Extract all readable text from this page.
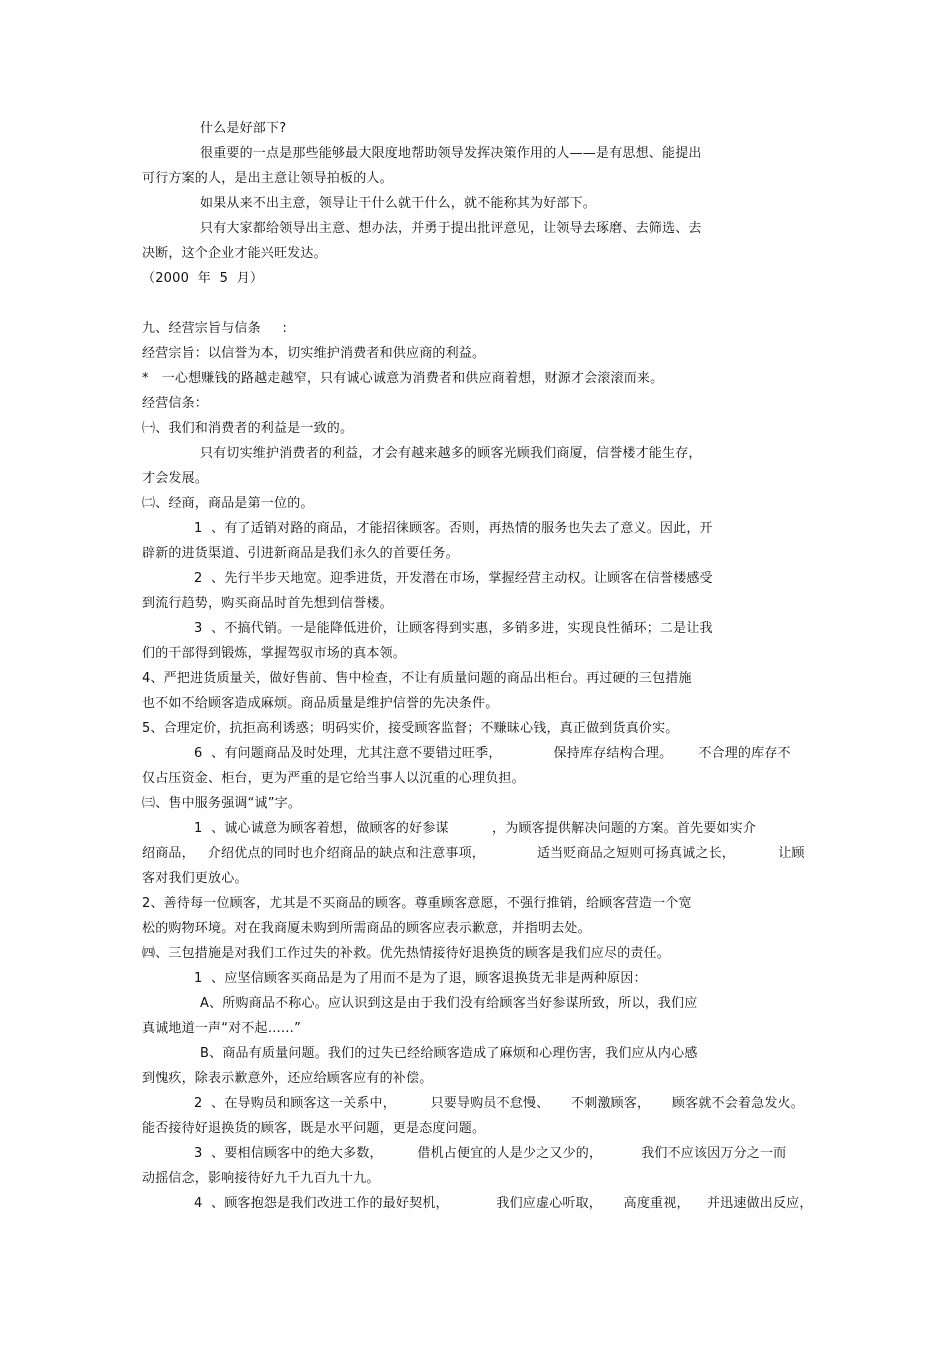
什么是好部下?
很重要的一点是那些能够最大限度地帮助领导发挥决策作用的人——是有思想、能提出
可行方案的人，是出主意让领导拍板的人。
如果从来不出主意，领导让干什么就干什么，就不能称其为好部下。
只有大家都给领导出主意、想办法，并勇于提出批评意见，让领导去琢磨、去筛选、去
决断，这个企业才能兴旺发达。
（2000  年  5  月）
九、经营宗旨与信条     :
经营宗旨：以信誉为本，切实维护消费者和供应商的利益。
*   一心想赚钱的路越走越窄，只有诚心诚意为消费者和供应商着想，财源才会滚滚而来。
经营信条：
㈠、我们和消费者的利益是一致的。
只有切实维护消费者的利益，才会有越来越多的顾客光顾我们商厦，信誉楼才能生存，
才会发展。
㈡、经商，商品是第一位的。
1  、有了适销对路的商品，才能招徕顾客。否则，再热情的服务也失去了意义。因此，开
辟新的进货渠道、引进新商品是我们永久的首要任务。
2  、先行半步天地宽。迎季进货，开发潜在市场，掌握经营主动权。让顾客在信誉楼感受
到流行趋势，购买商品时首先想到信誉楼。
3  、不搞代销。一是能降低进价，让顾客得到实惠，多销多进，实现良性循环；二是让我
们的干部得到锻炼，掌握驾驭市场的真本领。
4、严把进货质量关，做好售前、售中检查，不让有质量问题的商品出柜台。再过硬的三包措施
也不如不给顾客造成麻烦。商品质量是维护信誉的先决条件。
5、合理定价，抗拒高利诱惑；明码实价，接受顾客监督；不赚昧心钱，真正做到货真价实。
6  、有问题商品及时处理，尤其注意不要错过旺季，            保持库存结构合理。      不合理的库存不
仅占压资金、柜台，更为严重的是它给当事人以沉重的心理负担。
㈢、售中服务强调“诚”字。
1  、诚心诚意为顾客着想，做顾客的好参谋          ，为顾客提供解决问题的方案。首先要如实介
绍商品，   介绍优点的同时也介绍商品的缺点和注意事项，            适当贬商品之短则可扬真诚之长，          让顾
客对我们更放心。
2、善待每一位顾客，尤其是不买商品的顾客。尊重顾客意愿，不强行推销，给顾客营造一个宽
松的购物环境。对在我商厦未购到所需商品的顾客应表示歉意，并指明去处。
㈣、三包措施是对我们工作过失的补救。优先热情接待好退换货的顾客是我们应尽的责任。
1  、应坚信顾客买商品是为了用而不是为了退，顾客退换货无非是两种原因：
A、所购商品不称心。应认识到这是由于我们没有给顾客当好参谋所致，所以，我们应
真诚地道一声“对不起……”
B、商品有质量问题。我们的过失已经给顾客造成了麻烦和心理伤害，我们应从内心感
到愧疚，除表示歉意外，还应给顾客应有的补偿。
2  、在导购员和顾客这一关系中，        只要导购员不怠慢、     不刺激顾客，     顾客就不会着急发火。
能否接待好退换货的顾客，既是水平问题，更是态度问题。
3  、要相信顾客中的绝大多数，        借机占便宜的人是少之又少的，         我们不应该因万分之一而
动摇信念，影响接待好九千九百九十九。
4  、顾客抱怨是我们改进工作的最好契机，           我们应虚心听取，     高度重视，    并迅速做出反应，
